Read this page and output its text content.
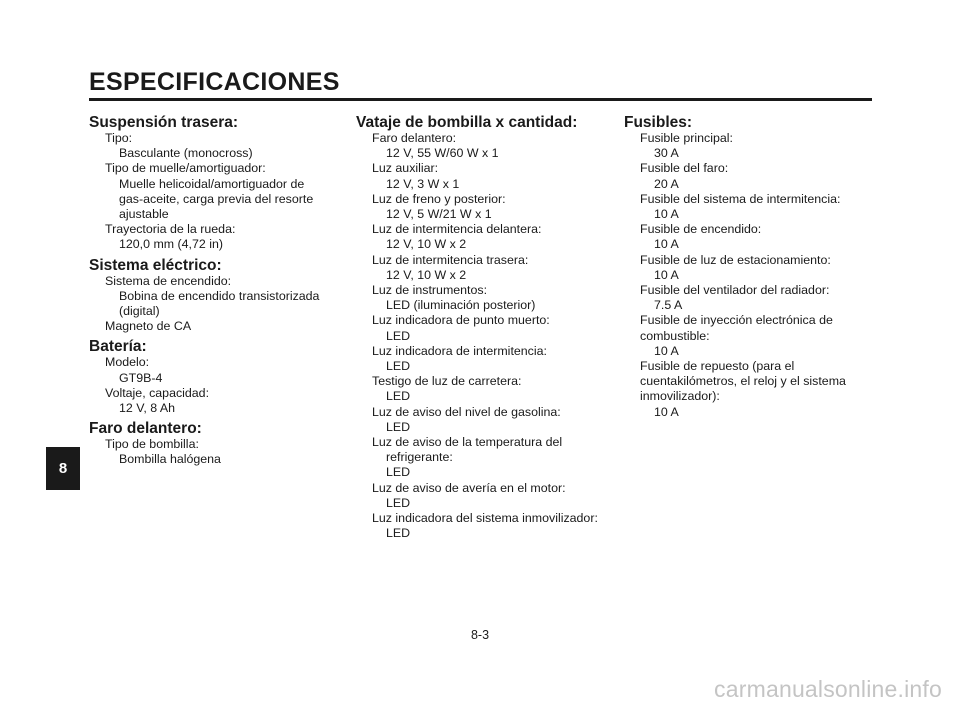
ESPECIFICACIONES
Suspensión trasera:
Tipo:
Basculante (monocross)
Tipo de muelle/amortiguador:
Muelle helicoidal/amortiguador de
gas-aceite, carga previa del resorte
ajustable
Trayectoria de la rueda:
120,0 mm (4,72 in)
Sistema eléctrico:
Sistema de encendido:
Bobina de encendido transistorizada
(digital)
Magneto de CA
Batería:
Modelo:
GT9B-4
Voltaje, capacidad:
12 V, 8 Ah
Faro delantero:
Tipo de bombilla:
Bombilla halógena
Vataje de bombilla x cantidad:
Faro delantero:
12 V, 55 W/60 W x 1
Luz auxiliar:
12 V, 3 W x 1
Luz de freno y posterior:
12 V, 5 W/21 W x 1
Luz de intermitencia delantera:
12 V, 10 W x 2
Luz de intermitencia trasera:
12 V, 10 W x 2
Luz de instrumentos:
LED (iluminación posterior)
Luz indicadora de punto muerto:
LED
Luz indicadora de intermitencia:
LED
Testigo de luz de carretera:
LED
Luz de aviso del nivel de gasolina:
LED
Luz de aviso de la temperatura del
refrigerante:
LED
Luz de aviso de avería en el motor:
LED
Luz indicadora del sistema inmovilizador:
LED
Fusibles:
Fusible principal:
30 A
Fusible del faro:
20 A
Fusible del sistema de intermitencia:
10 A
Fusible de encendido:
10 A
Fusible de luz de estacionamiento:
10 A
Fusible del ventilador del radiador:
7.5 A
Fusible de inyección electrónica de
combustible:
10 A
Fusible de repuesto (para el
cuentakilómetros, el reloj y el sistema
inmovilizador):
10 A
8
8-3
carmanualsonline.info
